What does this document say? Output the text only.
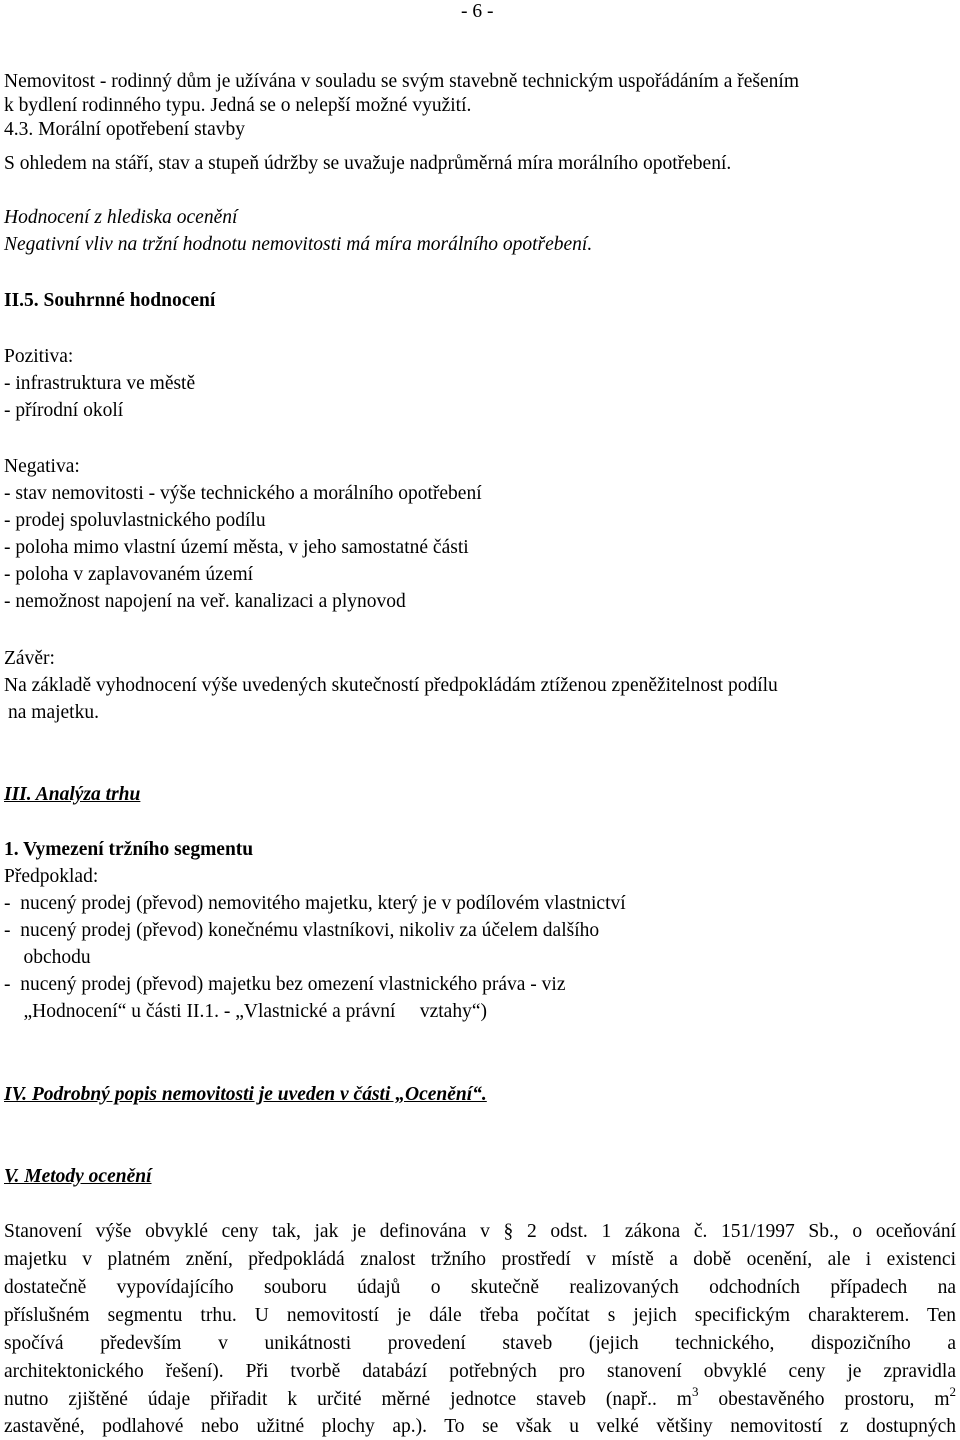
- 6 -
Nemovitost - rodinný dům je užívána v souladu se svým stavebně technickým uspořádáním a řešením
k bydlení rodinného typu. Jedná se o nelepší možné využití.
4.3. Morální opotřebení stavby
S ohledem na stáří, stav a stupeň údržby se uvažuje nadprůměrná míra morálního opotřebení.
Hodnocení z hlediska ocenění
Negativní vliv na tržní hodnotu nemovitosti má míra morálního opotřebení.
II.5. Souhrnné hodnocení
Pozitiva:
- infrastruktura ve městě
- přírodní okolí
Negativa:
- stav nemovitosti - výše technického a morálního opotřebení
- prodej spoluvlastnického podílu
- poloha mimo vlastní území města, v jeho samostatné části
- poloha v zaplavovaném území
- nemožnost napojení na veř. kanalizaci a plynovod
Závěr:
Na základě vyhodnocení výše uvedených skutečností předpokládám ztíženou zpeněžitelnost podílu
na majetku.
III. Analýza trhu
1. Vymezení tržního segmentu
Předpoklad:
-  nucený prodej (převod) nemovitého majetku, který je v podílovém vlastnictví
-  nucený prodej (převod) konečnému vlastníkovi, nikoliv za účelem dalšího
obchodu
-  nucený prodej (převod) majetku bez omezení vlastnického práva - viz
„Hodnocení“ u části II.1. - „Vlastnické a právní     vztahy“)
IV. Podrobný popis nemovitosti je uveden v části „Ocenění“.
V. Metody ocenění
Stanovení výše obvyklé ceny tak, jak je definována v § 2 odst. 1 zákona č. 151/1997 Sb., o oceňování
majetku v platném znění, předpokládá znalost tržního prostředí v místě a době ocenění, ale i existenci
dostatečně vypovídajícího souboru údajů o skutečně realizovaných odchodních případech na
příslušném segmentu trhu. U nemovitostí je dále třeba počítat s jejich specifickým charakterem. Ten
spočívá především v unikátnosti provedení staveb (jejich technického, dispozičního a
architektonického řešení). Při tvorbě databází potřebných pro stanovení obvyklé ceny je zpravidla
nutno zjištěné údaje přiřadit k určité měrné jednotce staveb (např.. $m^3$ obestavěného prostoru, $m^2$
zastavěné, podlahové nebo užitné plochy ap.). To se však u velké většiny nemovitostí z dostupných
